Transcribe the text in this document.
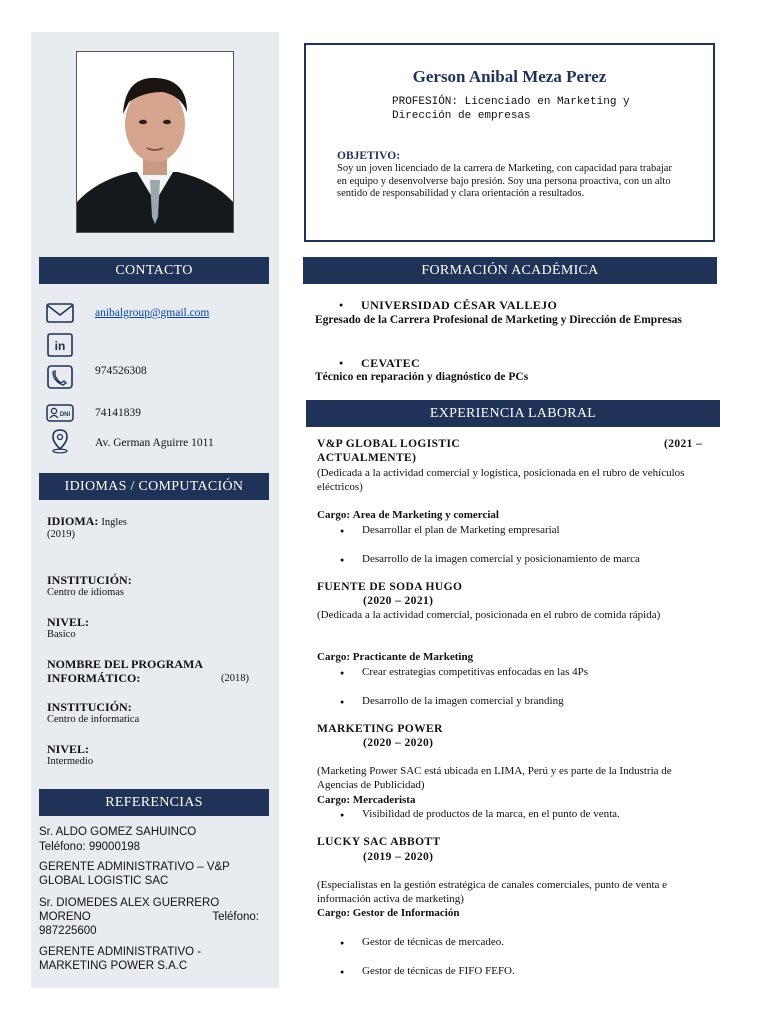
CONTACTO
anibalgroup@gmail.com
in
974526308
DNI 74141839
Av. German Aguirre 1011
IDIOMAS / COMPUTACIÓN
IDIOMA: Ingles
(2019)
INSTITUCIÓN:
Centro de idiomas
NIVEL:
Basico
NOMBRE DEL PROGRAMA INFORMÁTICO:	(2018)
INSTITUCIÓN:
Centro de informatica
NIVEL:
Intermedio
REFERENCIAS
Sr. ALDO GOMEZ SAHUINCO
Teléfono: 99000198
GERENTE ADMINISTRATIVO – V&P GLOBAL LOGISTIC SAC
Sr. DIOMEDES ALEX GUERRERO MORENO	Teléfono:
987225600
GERENTE ADMINISTRATIVO - MARKETING POWER S.A.C
Gerson Anibal Meza Perez
PROFESIÓN: Licenciado en Marketing y Dirección de empresas
OBJETIVO:
Soy un joven licenciado de la carrera de Marketing, con capacidad para trabajar en equipo y desenvolverse bajo presión. Soy una persona proactiva, con un alto sentido de responsabilidad y clara orientación a resultados.
FORMACIÓN ACADÉMICA
● UNIVERSIDAD CÉSAR VALLEJO
Egresado de la Carrera Profesional de Marketing y Dirección de Empresas
● CEVATEC
Técnico en reparación y diagnóstico de PCs
EXPERIENCIA LABORAL
V&P GLOBAL LOGISTIC	(2021 –
ACTUALMENTE)
(Dedicada a la actividad comercial y logística, posicionada en el rubro de vehículos eléctricos)
Cargo: Area de Marketing y comercial
● Desarrollar el plan de Marketing empresarial
● Desarrollo de la imagen comercial y posicionamiento de marca
FUENTE DE SODA HUGO
(2020 – 2021)
(Dedicada a la actividad comercial, posicionada en el rubro de comida rápida)
Cargo: Practicante de Marketing
● Crear estrategias competitivas enfocadas en las 4Ps
● Desarrollo de la imagen comercial y branding
MARKETING POWER
(2020 – 2020)
(Marketing Power SAC está ubicada en LIMA, Perú y es parte de la Industria de Agencias de Publicidad)
Cargo: Mercaderista
● Visibilidad de productos de la marca, en el punto de venta.
LUCKY SAC ABBOTT
(2019 – 2020)
(Especialistas en la gestión estratégica de canales comerciales, punto de venta e información activa de marketing)
Cargo: Gestor de Información
● Gestor de técnicas de mercadeo.
● Gestor de técnicas de FIFO FEFO.
